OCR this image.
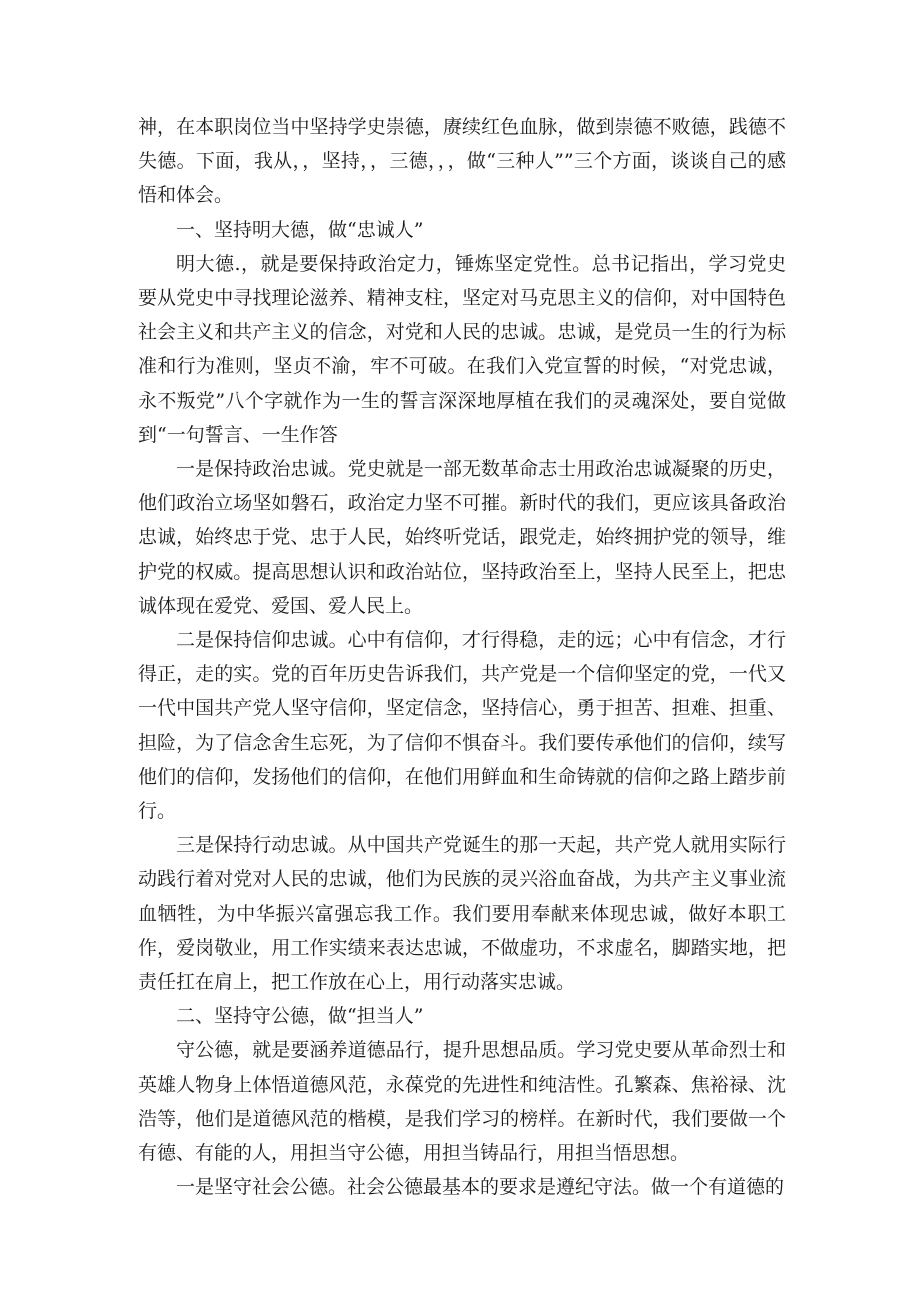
神，在本职岗位当中坚持学史崇德，赓续红色血脉，做到崇德不败德，践德不失德。下面，我从，，坚持，，三德，，，做“三种人””三个方面，谈谈自己的感悟和体会。

一、坚持明大德，做“忠诚人”

明大德.，就是要保持政治定力，锤炼坚定党性。总书记指出，学习党史要从党史中寻找理论滋养、精神支柱，坚定对马克思主义的信仰，对中国特色社会主义和共产主义的信念，对党和人民的忠诚。忠诚，是党员一生的行为标准和行为准则，坚贞不渝，牢不可破。在我们入党宣誓的时候，“对党忠诚，永不叛党”八个字就作为一生的誓言深深地厚植在我们的灵魂深处，要自觉做到“一句誓言、一生作答

一是保持政治忠诚。党史就是一部无数革命志士用政治忠诚凝聚的历史，他们政治立场坚如磐石，政治定力坚不可摧。新时代的我们，更应该具备政治忠诚，始终忠于党、忠于人民，始终听党话，跟党走，始终拥护党的领导，维护党的权威。提高思想认识和政治站位，坚持政治至上，坚持人民至上，把忠诚体现在爱党、爱国、爱人民上。

二是保持信仰忠诚。心中有信仰，才行得稳，走的远；心中有信念，才行得正，走的实。党的百年历史告诉我们，共产党是一个信仰坚定的党，一代又一代中国共产党人坚守信仰，坚定信念，坚持信心，勇于担苦、担难、担重、担险，为了信念舍生忘死，为了信仰不惧奋斗。我们要传承他们的信仰，续写他们的信仰，发扬他们的信仰，在他们用鲜血和生命铸就的信仰之路上踏步前行。

三是保持行动忠诚。从中国共产党诞生的那一天起，共产党人就用实际行动践行着对党对人民的忠诚，他们为民族的灵兴浴血奋战，为共产主义事业流血牺牲，为中华振兴富强忘我工作。我们要用奉献来体现忠诚，做好本职工作，爱岗敬业，用工作实绩来表达忠诚，不做虚功，不求虚名，脚踏实地，把责任扛在肩上，把工作放在心上，用行动落实忠诚。

二、坚持守公德，做“担当人”

守公德，就是要涵养道德品行，提升思想品质。学习党史要从革命烈士和英雄人物身上体悟道德风范，永葆党的先进性和纯洁性。孔繁森、焦裕禄、沈浩等，他们是道德风范的楷模，是我们学习的榜样。在新时代，我们要做一个有德、有能的人，用担当守公德，用担当铸品行，用担当悟思想。

一是坚守社会公德。社会公德最基本的要求是遵纪守法。做一个有道德的
